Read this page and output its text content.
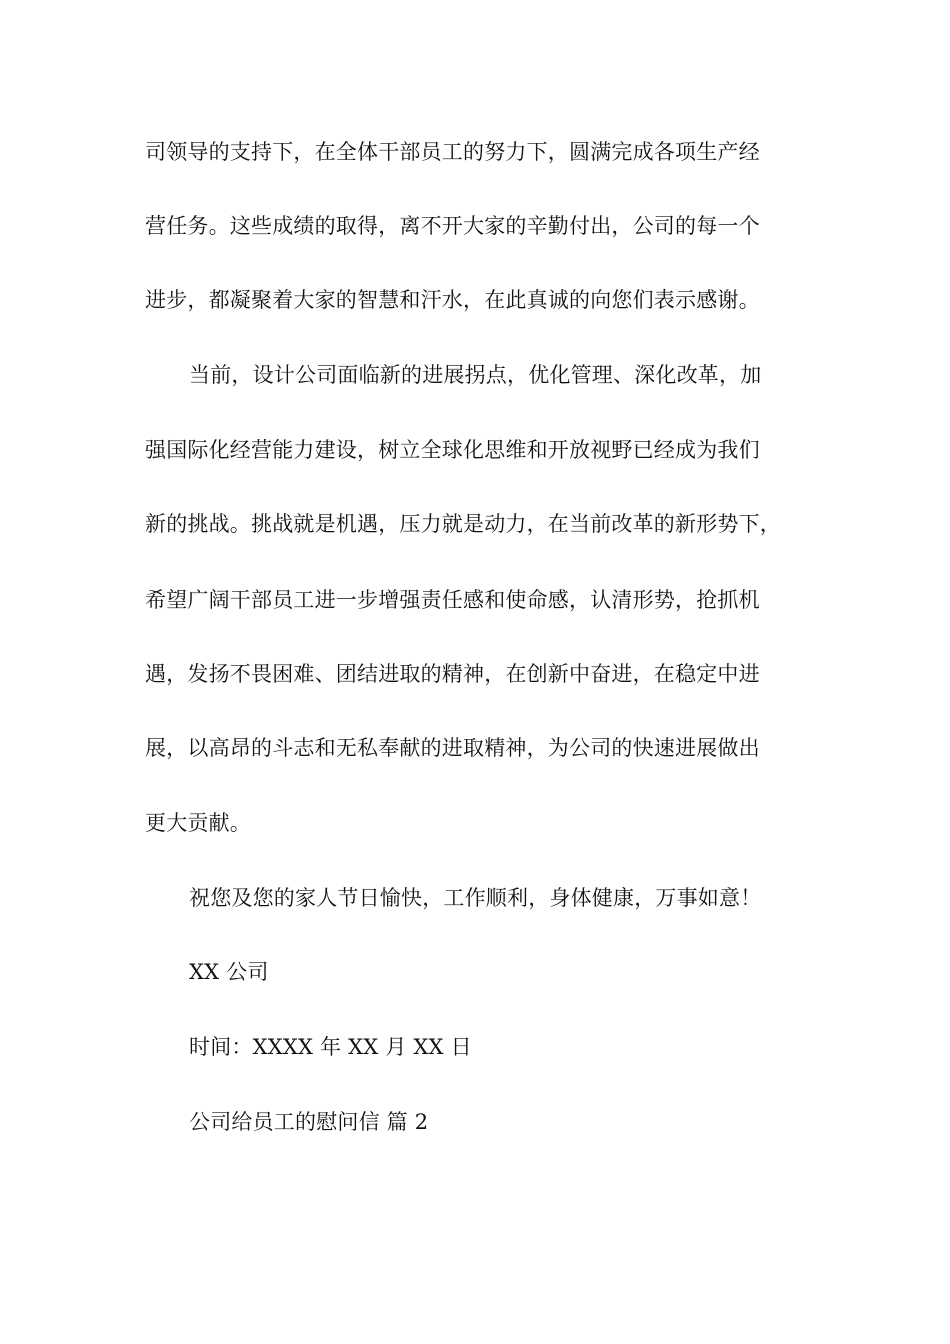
司领导的支持下，在全体干部员工的努力下，圆满完成各项生产经
营任务。这些成绩的取得，离不开大家的辛勤付出，公司的每一个
进步，都凝聚着大家的智慧和汗水，在此真诚的向您们表示感谢。
当前，设计公司面临新的进展拐点，优化管理、深化改革，加
强国际化经营能力建设，树立全球化思维和开放视野已经成为我们
新的挑战。挑战就是机遇，压力就是动力，在当前改革的新形势下，
希望广阔干部员工进一步增强责任感和使命感，认清形势，抢抓机
遇，发扬不畏困难、团结进取的精神，在创新中奋进，在稳定中进
展，以高昂的斗志和无私奉献的进取精神，为公司的快速进展做出
更大贡献。
祝您及您的家人节日愉快，工作顺利，身体健康，万事如意！
XX 公司
时间：XXXX 年 XX 月 XX 日
公司给员工的慰问信 篇 2
